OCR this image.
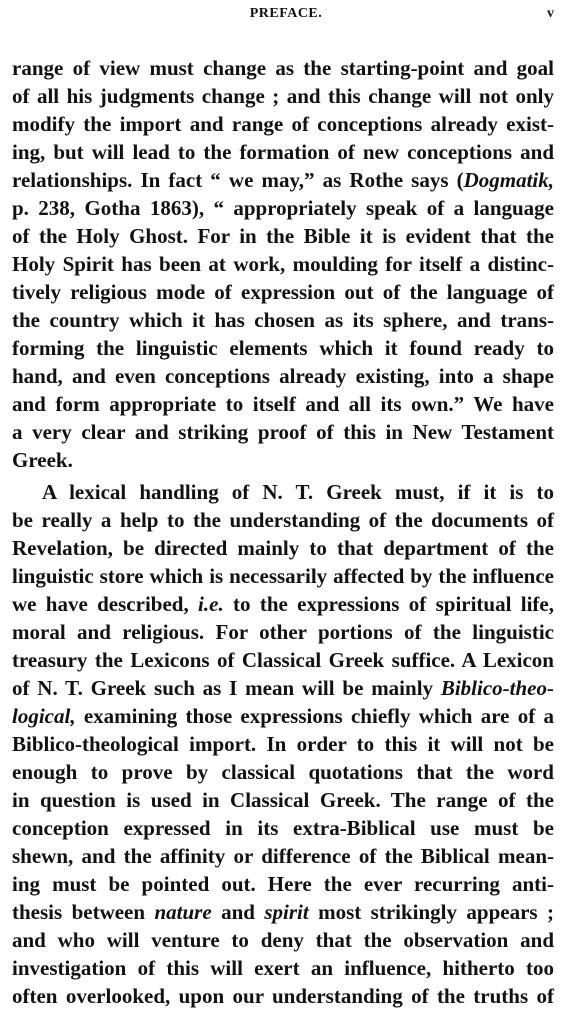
PREFACE.	v
range of view must change as the starting-point and goal
of all his judgments change ; and this change will not only
modify the import and range of conceptions already exist-
ing, but will lead to the formation of new conceptions and
relationships. In fact “ we may,” as Rothe says (Dogmatik,
p. 238, Gotha 1863), “ appropriately speak of a language
of the Holy Ghost. For in the Bible it is evident that the
Holy Spirit has been at work, moulding for itself a distinc-
tively religious mode of expression out of the language of
the country which it has chosen as its sphere, and trans-
forming the linguistic elements which it found ready to
hand, and even conceptions already existing, into a shape
and form appropriate to itself and all its own.” We have
a very clear and striking proof of this in New Testament
Greek.
A lexical handling of N. T. Greek must, if it is to
be really a help to the understanding of the documents of
Revelation, be directed mainly to that department of the
linguistic store which is necessarily affected by the influence
we have described, i.e. to the expressions of spiritual life,
moral and religious. For other portions of the linguistic
treasury the Lexicons of Classical Greek suffice. A Lexicon
of N. T. Greek such as I mean will be mainly Biblico-theo-
logical, examining those expressions chiefly which are of a
Biblico-theological import. In order to this it will not be
enough to prove by classical quotations that the word
in question is used in Classical Greek. The range of the
conception expressed in its extra-Biblical use must be
shewn, and the affinity or difference of the Biblical mean-
ing must be pointed out. Here the ever recurring anti-
thesis between nature and spirit most strikingly appears ;
and who will venture to deny that the observation and
investigation of this will exert an influence, hitherto too
often overlooked, upon our understanding of the truths of
